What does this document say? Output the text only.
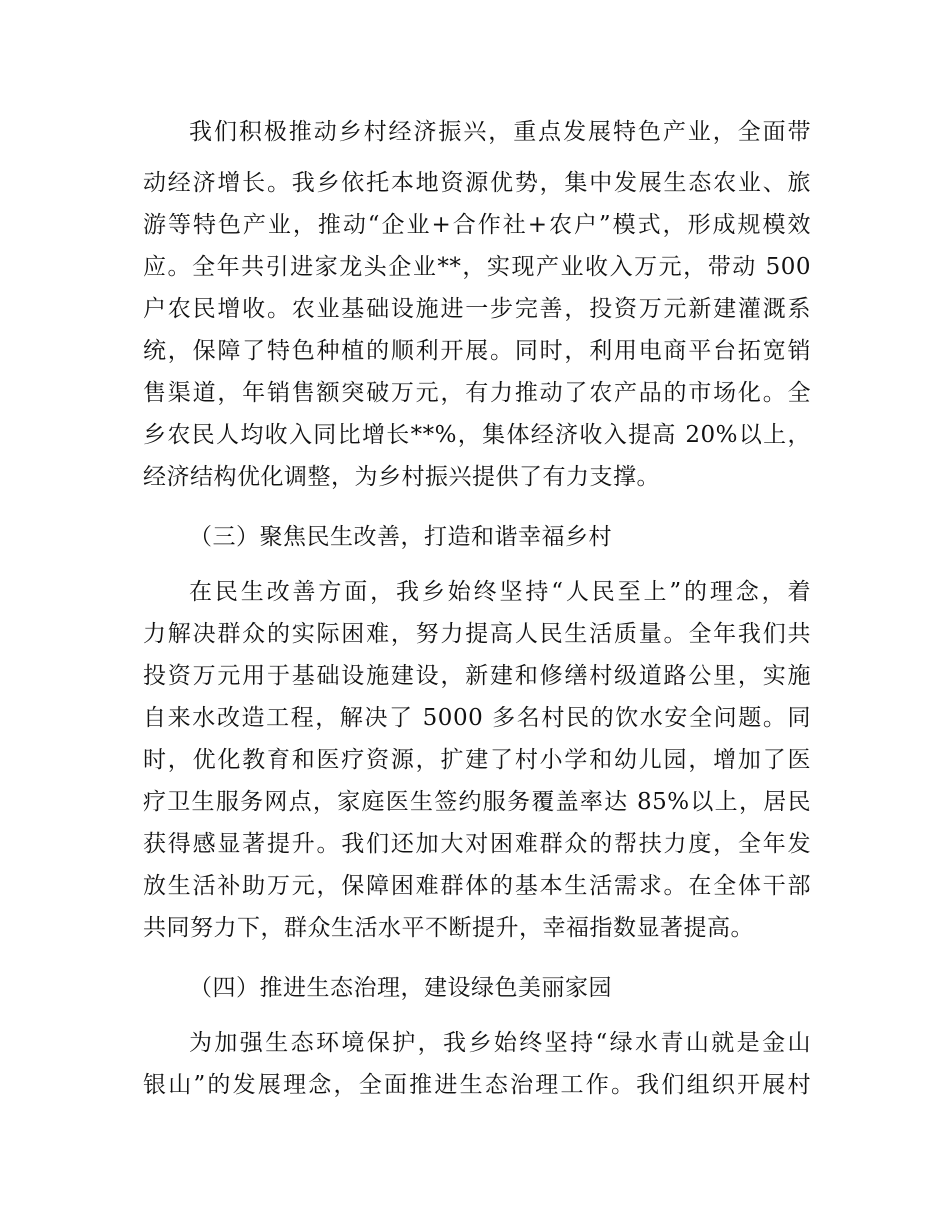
我们积极推动乡村经济振兴，重点发展特色产业，全面带
动经济增长。我乡依托本地资源优势，集中发展生态农业、旅
游等特色产业，推动“企业+合作社+农户”模式，形成规模效
应。全年共引进家龙头企业**，实现产业收入万元，带动 500
户农民增收。农业基础设施进一步完善，投资万元新建灌溉系
统，保障了特色种植的顺利开展。同时，利用电商平台拓宽销
售渠道，年销售额突破万元，有力推动了农产品的市场化。全
乡农民人均收入同比增长**%，集体经济收入提高 20%以上，
经济结构优化调整，为乡村振兴提供了有力支撑。
（三）聚焦民生改善，打造和谐幸福乡村
在民生改善方面，我乡始终坚持“人民至上”的理念，着
力解决群众的实际困难，努力提高人民生活质量。全年我们共
投资万元用于基础设施建设，新建和修缮村级道路公里，实施
自来水改造工程，解决了 5000 多名村民的饮水安全问题。同
时，优化教育和医疗资源，扩建了村小学和幼儿园，增加了医
疗卫生服务网点，家庭医生签约服务覆盖率达 85%以上，居民
获得感显著提升。我们还加大对困难群众的帮扶力度，全年发
放生活补助万元，保障困难群体的基本生活需求。在全体干部
共同努力下，群众生活水平不断提升，幸福指数显著提高。
（四）推进生态治理，建设绿色美丽家园
为加强生态环境保护，我乡始终坚持“绿水青山就是金山
银山”的发展理念，全面推进生态治理工作。我们组织开展村
